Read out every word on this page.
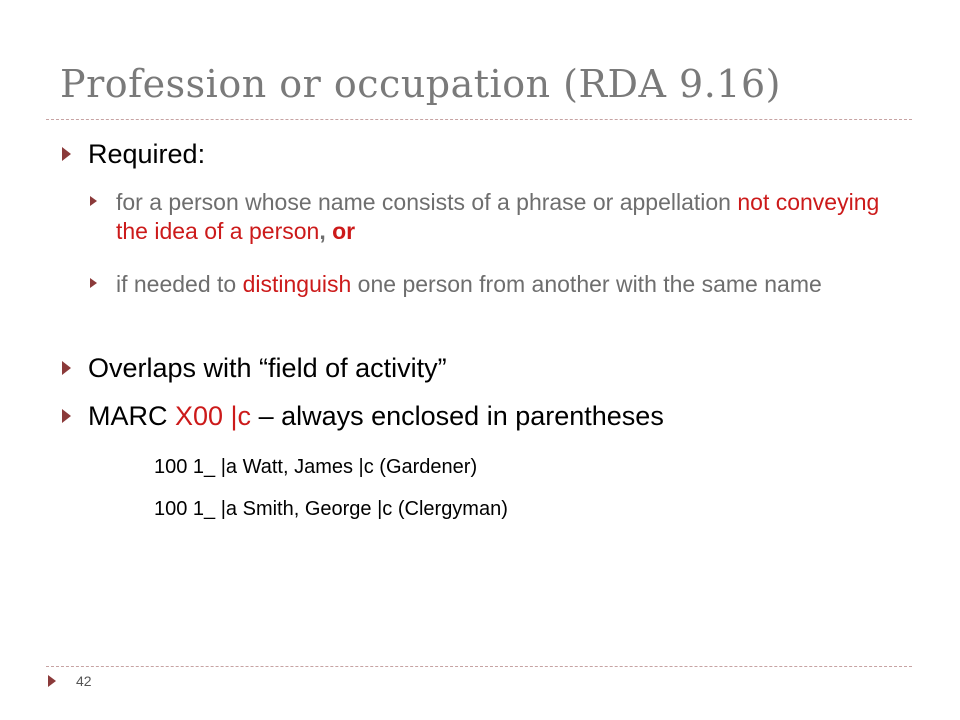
Profession or occupation (RDA 9.16)
Required:
for a person whose name consists of a phrase or appellation not conveying the idea of a person, or
if needed to distinguish one person from another with the same name
Overlaps with “field of activity”
MARC X00 |c – always enclosed in parentheses
100 1_ |a Watt, James |c (Gardener)
100 1_ |a Smith, George |c (Clergyman)
42
